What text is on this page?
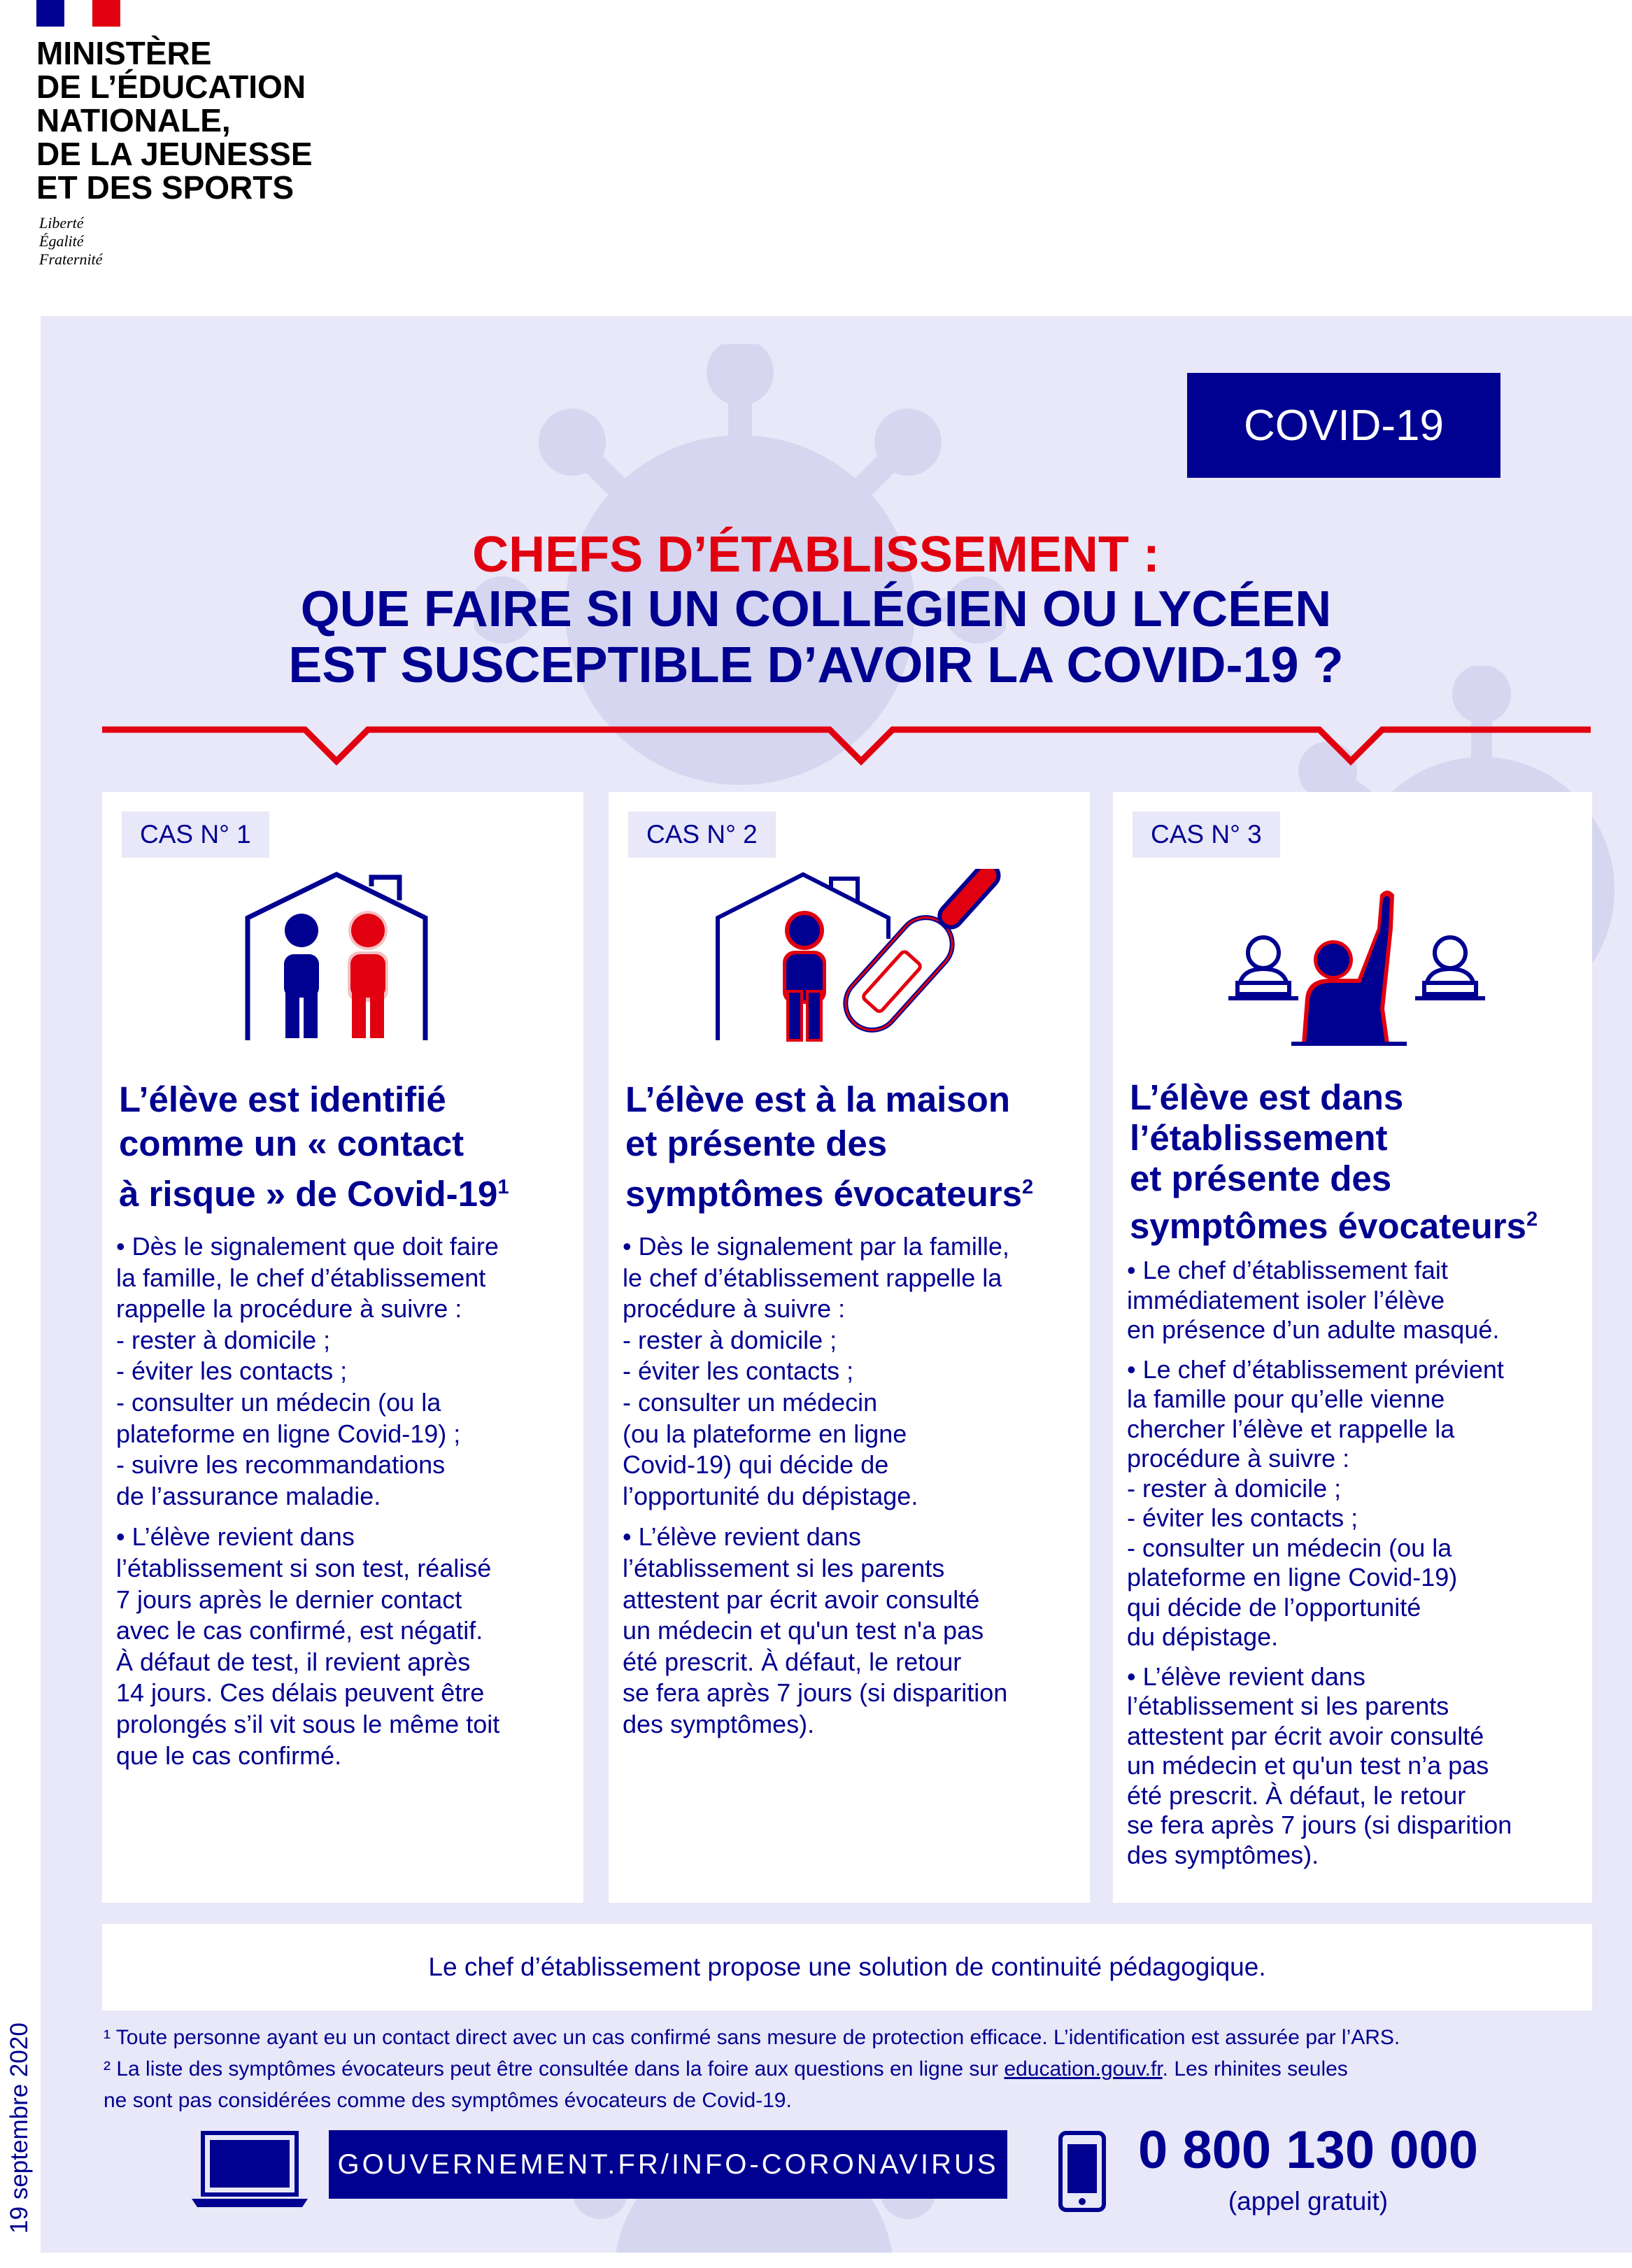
MINISTÈRE
DE L’ÉDUCATION
NATIONALE,
DE LA JEUNESSE
ET DES SPORTS
Liberté
Égalité
Fraternité
COVID-19
CHEFS D’ÉTABLISSEMENT :
QUE FAIRE SI UN COLLÉGIEN OU LYCÉEN
EST SUSCEPTIBLE D’AVOIR LA COVID-19 ?
CAS N° 1
L’élève est identifié
comme un « contact
à risque » de Covid-$19^1$

• Dès le signalement que doit faire
la famille, le chef d’établissement
rappelle la procédure à suivre :
- rester à domicile ;
- éviter les contacts ;
- consulter un médecin (ou la
plateforme en ligne Covid-19) ;
- suivre les recommandations
de l’assurance maladie.

• L’élève revient dans
l’établissement si son test, réalisé
7 jours après le dernier contact
avec le cas confirmé, est négatif.
À défaut de test, il revient après
14 jours. Ces délais peuvent être
prolongés s’il vit sous le même toit
que le cas confirmé.

CAS N° 2
L’élève est à la maison
et présente des
symptômes évocateurs$^2$

• Dès le signalement par la famille,
le chef d’établissement rappelle la
procédure à suivre :
- rester à domicile ;
- éviter les contacts ;
- consulter un médecin
(ou la plateforme en ligne
Covid-19) qui décide de
l’opportunité du dépistage.

• L’élève revient dans
l’établissement si les parents
attestent par écrit avoir consulté
un médecin et qu'un test n'a pas
été prescrit. À défaut, le retour
se fera après 7 jours (si disparition
des symptômes).

CAS N° 3
L’élève est dans
l’établissement
et présente des
symptômes évocateurs$^2$

• Le chef d’établissement fait
immédiatement isoler l’élève
en présence d’un adulte masqué.

• Le chef d’établissement prévient
la famille pour qu’elle vienne
chercher l’élève et rappelle la
procédure à suivre :
- rester à domicile ;
- éviter les contacts ;
- consulter un médecin (ou la
plateforme en ligne Covid-19)
qui décide de l’opportunité
du dépistage.

• L’élève revient dans
l’établissement si les parents
attestent par écrit avoir consulté
un médecin et qu'un test n’a pas
été prescrit. À défaut, le retour
se fera après 7 jours (si disparition
des symptômes).

Le chef d’établissement propose une solution de continuité pédagogique.
¹ Toute personne ayant eu un contact direct avec un cas confirmé sans mesure de protection efficace. L’identification est assurée par l’ARS.
² La liste des symptômes évocateurs peut être consultée dans la foire aux questions en ligne sur education.gouv.fr. Les rhinites seules
ne sont pas considérées comme des symptômes évocateurs de Covid-19.
19 septembre 2020	GOUVERNEMENT.FR/INFO-CORONAVIRUS	0 800 130 000
(appel gratuit)
